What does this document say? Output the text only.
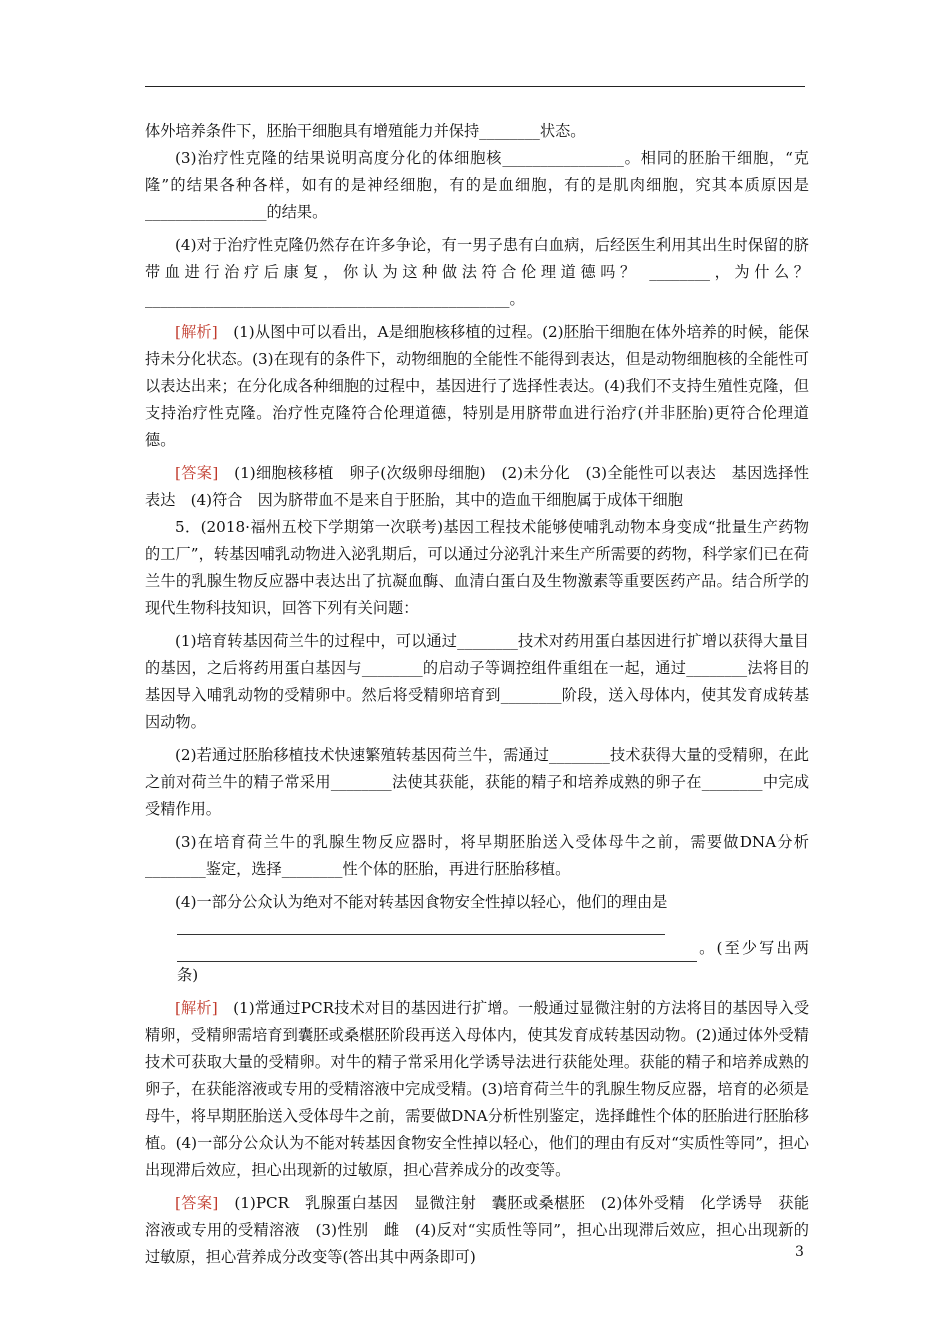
体外培养条件下，胚胎干细胞具有增殖能力并保持________状态。

(3)治疗性克隆的结果说明高度分化的体细胞核________________。相同的胚胎干细胞，“克隆”的结果各种各样，如有的是神经细胞，有的是血细胞，有的是肌肉细胞，究其本质原因是________________的结果。

(4)对于治疗性克隆仍然存在许多争论，有一男子患有白血病，后经医生利用其出生时保留的脐带血进行治疗后康复，你认为这种做法符合伦理道德吗？ ________，为什么？________________________________________________。

[解析]　 (1)从图中可以看出，A是细胞核移植的过程。(2)胚胎干细胞在体外培养的时候，能保持未分化状态。(3)在现有的条件下，动物细胞的全能性不能得到表达，但是动物细胞核的全能性可以表达出来；在分化成各种细胞的过程中，基因进行了选择性表达。(4)我们不支持生殖性克隆，但支持治疗性克隆。治疗性克隆符合伦理道德，特别是用脐带血进行治疗(并非胚胎)更符合伦理道德。

[答案]　 (1)细胞核移植　卵子(次级卵母细胞)　(2)未分化　(3)全能性可以表达　基因选择性表达　(4)符合　因为脐带血不是来自于胚胎，其中的造血干细胞属于成体干细胞

5．(2018·福州五校下学期第一次联考)基因工程技术能够使哺乳动物本身变成“批量生产药物的工厂”，转基因哺乳动物进入泌乳期后，可以通过分泌乳汁来生产所需要的药物，科学家们已在荷兰牛的乳腺生物反应器中表达出了抗凝血酶、血清白蛋白及生物激素等重要医药产品。结合所学的现代生物科技知识，回答下列有关问题：

(1)培育转基因荷兰牛的过程中，可以通过________技术对药用蛋白基因进行扩增以获得大量目的基因，之后将药用蛋白基因与________的启动子等调控组件重组在一起，通过________法将目的基因导入哺乳动物的受精卵中。然后将受精卵培育到________阶段，送入母体内，使其发育成转基因动物。

(2)若通过胚胎移植技术快速繁殖转基因荷兰牛，需通过________技术获得大量的受精卵，在此之前对荷兰牛的精子常采用________法使其获能，获能的精子和培养成熟的卵子在________中完成受精作用。

(3)在培育荷兰牛的乳腺生物反应器时，将早期胚胎送入受体母牛之前，需要做DNA分析________鉴定，选择________性个体的胚胎，再进行胚胎移植。

(4)一部分公众认为绝对不能对转基因食物安全性掉以轻心，他们的理由是

。(至少写出两条)

[解析]　 (1)常通过PCR技术对目的基因进行扩增。一般通过显微注射的方法将目的基因导入受精卵，受精卵需培育到囊胚或桑椹胚阶段再送入母体内，使其发育成转基因动物。(2)通过体外受精技术可获取大量的受精卵。对牛的精子常采用化学诱导法进行获能处理。获能的精子和培养成熟的卵子，在获能溶液或专用的受精溶液中完成受精。(3)培育荷兰牛的乳腺生物反应器，培育的必须是母牛，将早期胚胎送入受体母牛之前，需要做DNA分析性别鉴定，选择雌性个体的胚胎进行胚胎移植。(4)一部分公众认为不能对转基因食物安全性掉以轻心，他们的理由有反对“实质性等同”，担心出现滞后效应，担心出现新的过敏原，担心营养成分的改变等。

[答案]　 (1)PCR　乳腺蛋白基因　显微注射　囊胚或桑椹胚　(2)体外受精　化学诱导　获能溶液或专用的受精溶液　(3)性别　雌　(4)反对“实质性等同”，担心出现滞后效应，担心出现新的过敏原，担心营养成分改变等(答出其中两条即可)	3
